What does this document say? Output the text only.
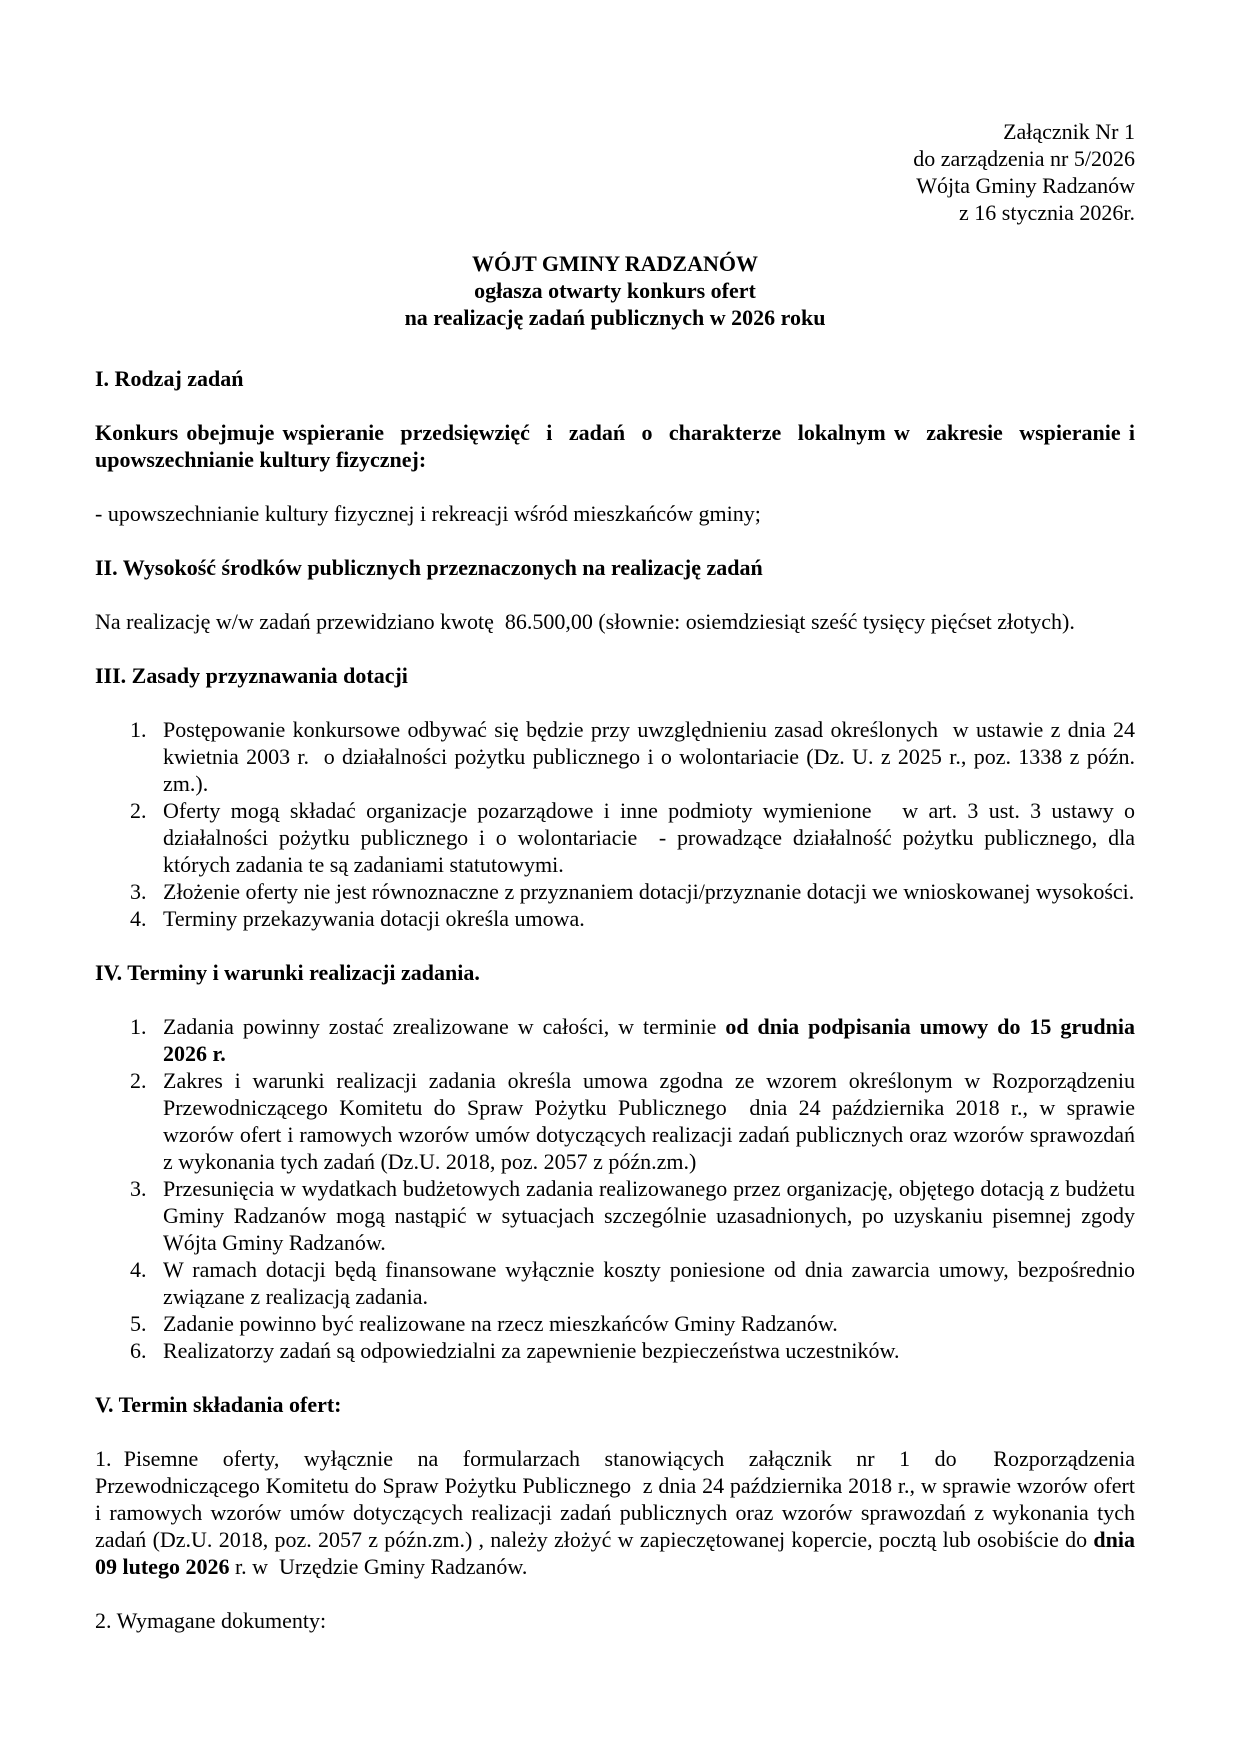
Załącznik Nr 1
do zarządzenia nr 5/2026
Wójta Gminy Radzanów
z 16 stycznia 2026r.
WÓJT GMINY RADZANÓW
ogłasza otwarty konkurs ofert
na realizację zadań publicznych w 2026 roku
I. Rodzaj zadań

Konkurs obejmuje wspieranie  przedsięwzięć  i  zadań  o  charakterze  lokalnym w  zakresie  wspieranie i upowszechnianie kultury fizycznej:

- upowszechnianie kultury fizycznej i rekreacji wśród mieszkańców gminy;

II. Wysokość środków publicznych przeznaczonych na realizację zadań

Na realizację w/w zadań przewidziano kwotę  86.500,00 (słownie: osiemdziesiąt sześć tysięcy pięćset złotych).

III. Zasady przyznawania dotacji
1. Postępowanie konkursowe odbywać się będzie przy uwzględnieniu zasad określonych  w ustawie z dnia 24 kwietnia 2003 r.  o działalności pożytku publicznego i o wolontariacie (Dz. U. z 2025 r., poz. 1338 z późn. zm.).
2. Oferty mogą składać organizacje pozarządowe i inne podmioty wymienione   w art. 3 ust. 3 ustawy o działalności pożytku publicznego i o wolontariacie  - prowadzące działalność pożytku publicznego, dla których zadania te są zadaniami statutowymi.
3. Złożenie oferty nie jest równoznaczne z przyznaniem dotacji/przyznanie dotacji we wnioskowanej wysokości.
4. Terminy przekazywania dotacji określa umowa.
IV. Terminy i warunki realizacji zadania.
1. Zadania powinny zostać zrealizowane w całości, w terminie od dnia podpisania umowy do 15 grudnia 2026 r.
2. Zakres i warunki realizacji zadania określa umowa zgodna ze wzorem określonym w Rozporządzeniu Przewodniczącego Komitetu do Spraw Pożytku Publicznego  dnia 24 października 2018 r., w sprawie wzorów ofert i ramowych wzorów umów dotyczących realizacji zadań publicznych oraz wzorów sprawozdań z wykonania tych zadań (Dz.U. 2018, poz. 2057 z późn.zm.)
3. Przesunięcia w wydatkach budżetowych zadania realizowanego przez organizację, objętego dotacją z budżetu Gminy Radzanów mogą nastąpić w sytuacjach szczególnie uzasadnionych, po uzyskaniu pisemnej zgody Wójta Gminy Radzanów.
4. W ramach dotacji będą finansowane wyłącznie koszty poniesione od dnia zawarcia umowy, bezpośrednio związane z realizacją zadania.
5. Zadanie powinno być realizowane na rzecz mieszkańców Gminy Radzanów.
6. Realizatorzy zadań są odpowiedzialni za zapewnienie bezpieczeństwa uczestników.
V. Termin składania ofert:

1. Pisemne  oferty,  wyłącznie  na  formularzach  stanowiących  załącznik  nr  1  do   Rozporządzenia Przewodniczącego Komitetu do Spraw Pożytku Publicznego  z dnia 24 października 2018 r., w sprawie wzorów ofert i ramowych wzorów umów dotyczących realizacji zadań publicznych oraz wzorów sprawozdań z wykonania tych zadań (Dz.U. 2018, poz. 2057 z późn.zm.) , należy złożyć w zapieczętowanej kopercie, pocztą lub osobiście do dnia 09 lutego 2026 r. w  Urzędzie Gminy Radzanów.

2. Wymagane dokumenty:
